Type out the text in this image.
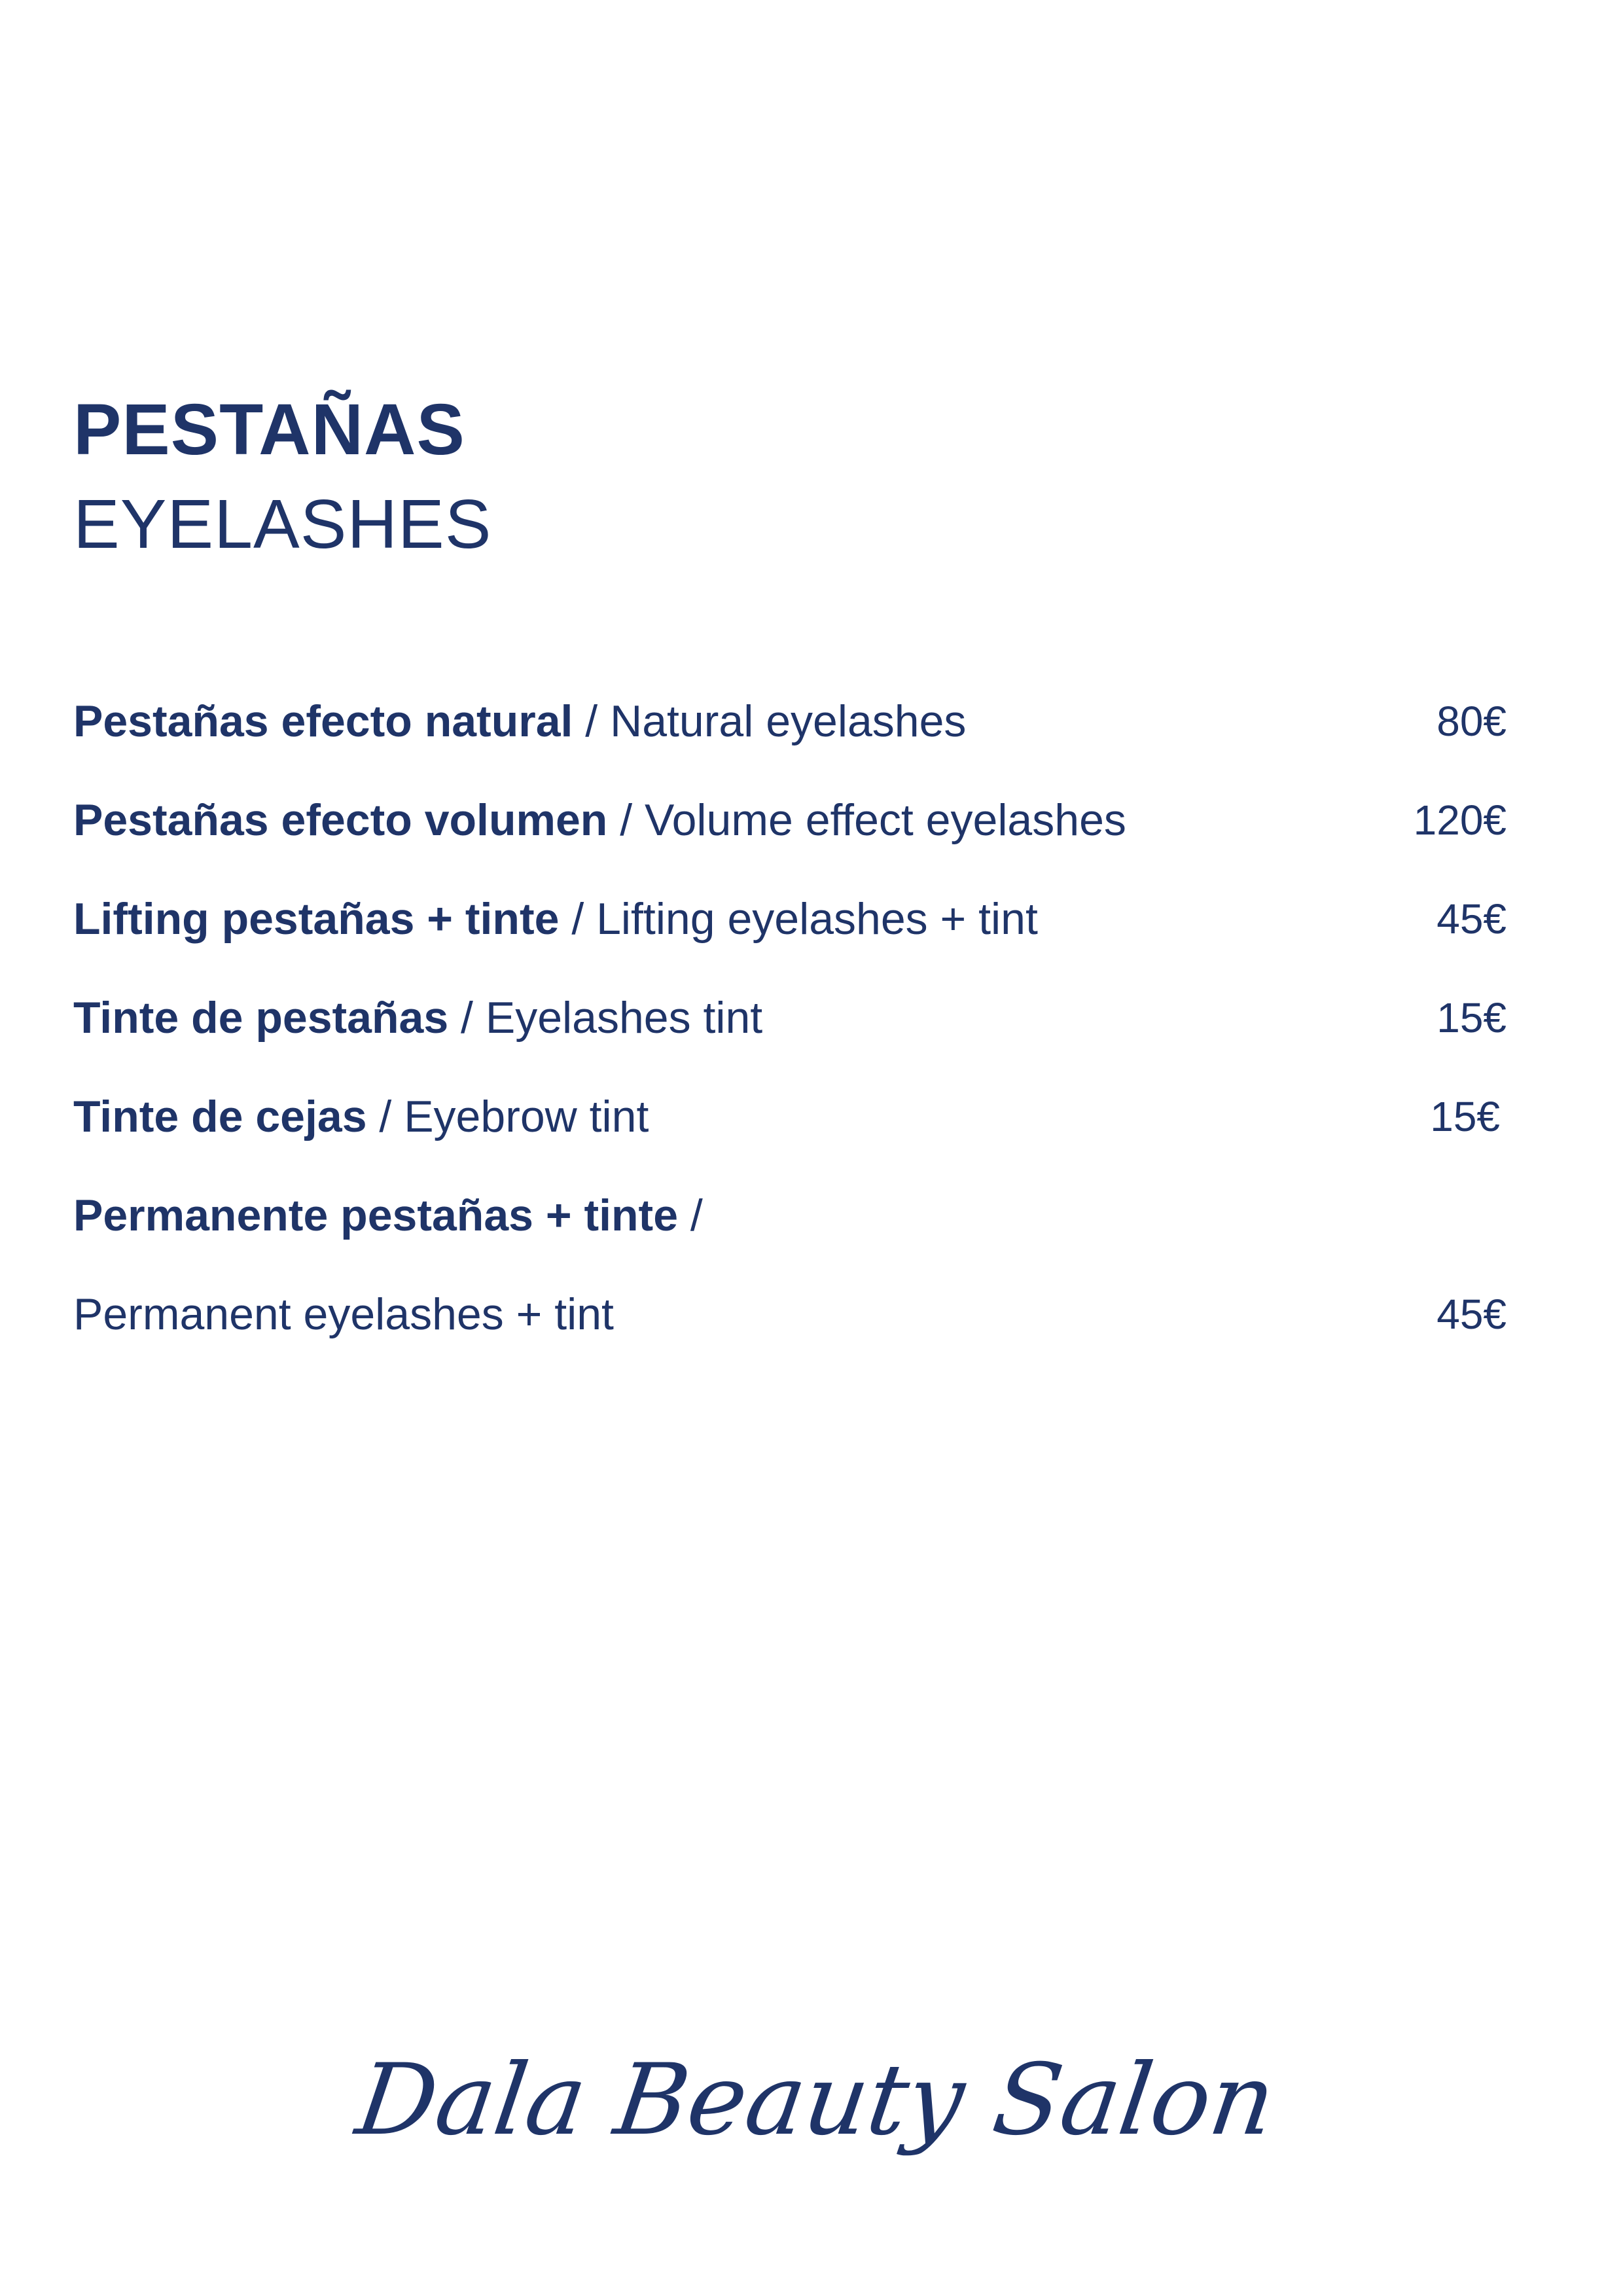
PESTAÑAS
EYELASHES
Pestañas efecto natural / Natural eyelashes	80€
Pestañas efecto volumen / Volume effect eyelashes	120€
Lifting pestañas + tinte / Lifting eyelashes + tint	45€
Tinte de pestañas / Eyelashes tint	15€
Tinte de cejas / Eyebrow tint	15€
Permanente pestañas + tinte /
Permanent eyelashes + tint	45€
Dala Beauty Salon
